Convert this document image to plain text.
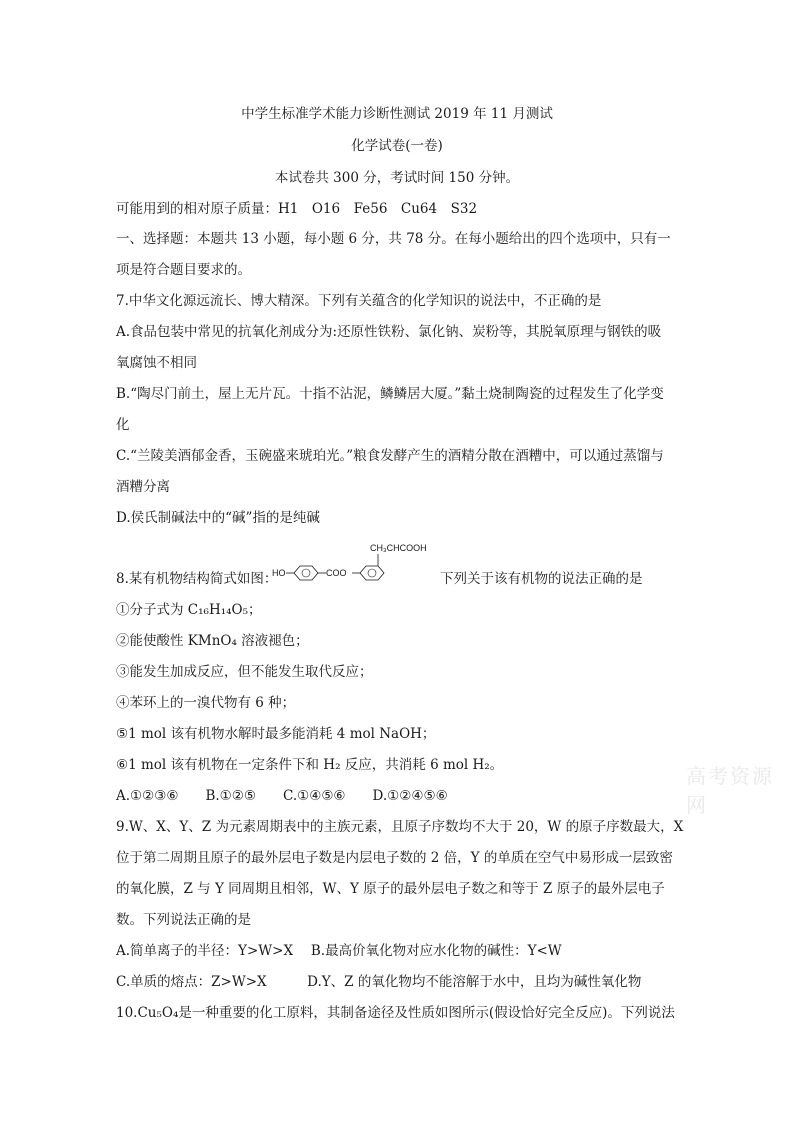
中学生标准学术能力诊断性测试 2019 年 11 月测试
化学试卷(一卷)
本试卷共 300 分，考试时间 150 分钟。
可能用到的相对原子质量：H1　O16　Fe56　Cu64　S32
一、选择题：本题共 13 小题，每小题 6 分，共 78 分。在每小题给出的四个选项中，只有一
项是符合题目要求的。
7.中华文化源远流长、博大精深。下列有关蕴含的化学知识的说法中，不正确的是
A.食品包装中常见的抗氧化剂成分为:还原性铁粉、氯化钠、炭粉等，其脱氧原理与钢铁的吸
氧腐蚀不相同
B.“陶尽门前土，屋上无片瓦。十指不沾泥，鳞鳞居大厦。”黏土烧制陶瓷的过程发生了化学变
化
C.“兰陵美酒郁金香，玉碗盛来琥珀光。”粮食发酵产生的酒精分散在酒糟中，可以通过蒸馏与
酒糟分离
D.侯氏制碱法中的“碱”指的是纯碱
8.某有机物结构简式如图：
HO	COO
CH₃CHCOOH
下列关于该有机物的说法正确的是
①分子式为 C₁₆H₁₄O₅；
②能使酸性 KMnO₄ 溶液褪色；
③能发生加成反应，但不能发生取代反应；
④苯环上的一溴代物有 6 种；
⑤1 mol 该有机物水解时最多能消耗 4 mol NaOH；
⑥1 mol 该有机物在一定条件下和 H₂ 反应，共消耗 6 mol H₂。
A.①②③⑥　　B.①②⑤　　C.①④⑤⑥　　D.①②④⑤⑥
9.W、X、Y、Z 为元素周期表中的主族元素，且原子序数均不大于 20，W 的原子序数最大，X
位于第二周期且原子的最外层电子数是内层电子数的 2 倍，Y 的单质在空气中易形成一层致密
的氧化膜，Z 与 Y 同周期且相邻，W、Y 原子的最外层电子数之和等于 Z 原子的最外层电子
数。下列说法正确的是
A.简单离子的半径：Y>W>X　 B.最高价氧化物对应水化物的碱性：Y<W
C.单质的熔点：Z>W>X　　　D.Y、Z 的氧化物均不能溶解于水中，且均为碱性氧化物
10.Cu₅O₄是一种重要的化工原料，其制备途径及性质如图所示(假设恰好完全反应)。下列说法
高考资源网
